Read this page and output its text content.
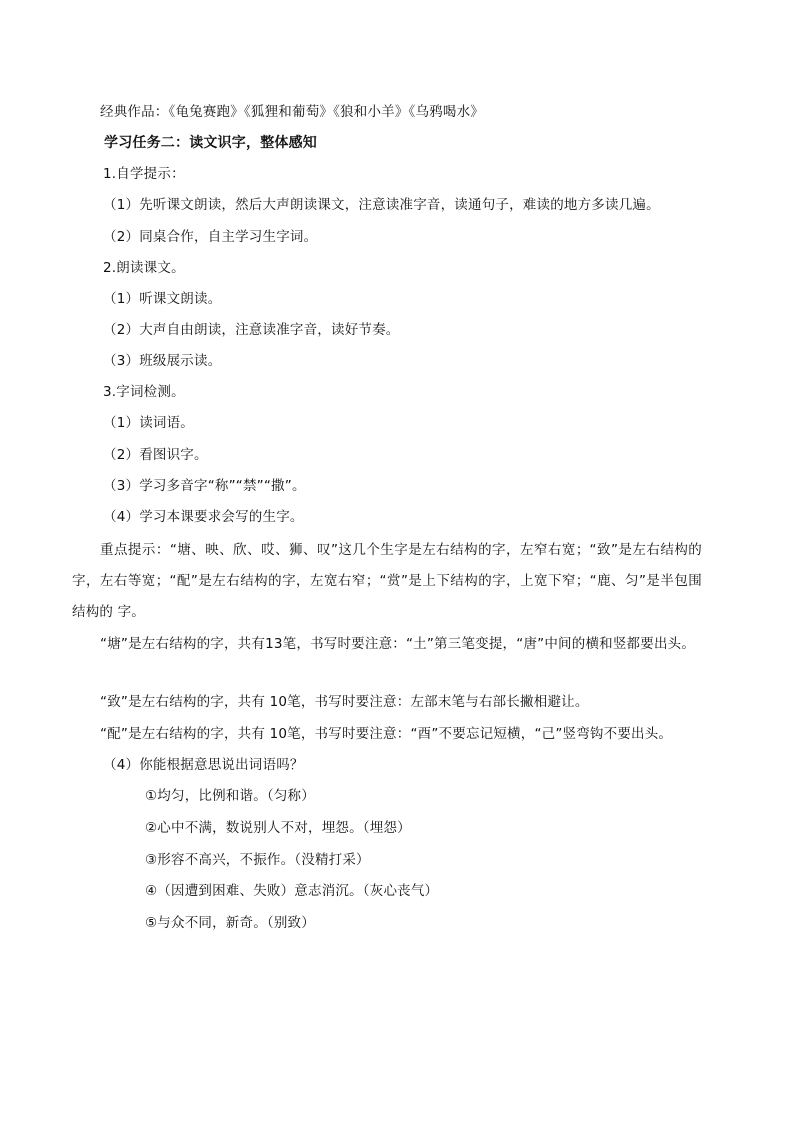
经典作品：《龟兔赛跑》《狐狸和葡萄》《狼和小羊》《乌鸦喝水》
学习任务二：读文识字，整体感知
1.自学提示：
（1）先听课文朗读，然后大声朗读课文，注意读准字音，读通句子，难读的地方多读几遍。
（2）同桌合作，自主学习生字词。
2.朗读课文。
（1）听课文朗读。
（2）大声自由朗读，注意读准字音，读好节奏。
（3）班级展示读。
3.字词检测。
（1）读词语。
（2）看图识字。
（3）学习多音字“称”“禁”“撒”。
（4）学习本课要求会写的生字。
重点提示：“塘、映、欣、哎、狮、叹”这几个生字是左右结构的字，左窄右宽；“致”是左右结构的字，左右等宽；“配”是左右结构的字，左宽右窄；“赏”是上下结构的字，上宽下窄；“鹿、匀”是半包围结构的 字。
“塘”是左右结构的字，共有13笔，书写时要注意：“土”第三笔变提，“唐”中间的横和竖都要出头。
“致”是左右结构的字，共有 10笔，书写时要注意：左部末笔与右部长撇相避让。
“配”是左右结构的字，共有 10笔，书写时要注意：“酉”不要忘记短横，“己”竖弯钩不要出头。
（4）你能根据意思说出词语吗？
①均匀，比例和谐。（匀称）
②心中不满，数说别人不对，埋怨。（埋怨）
③形容不高兴，不振作。（没精打采）
④（因遭到困难、失败）意志消沉。（灰心丧气）
⑤与众不同，新奇。（别致）
